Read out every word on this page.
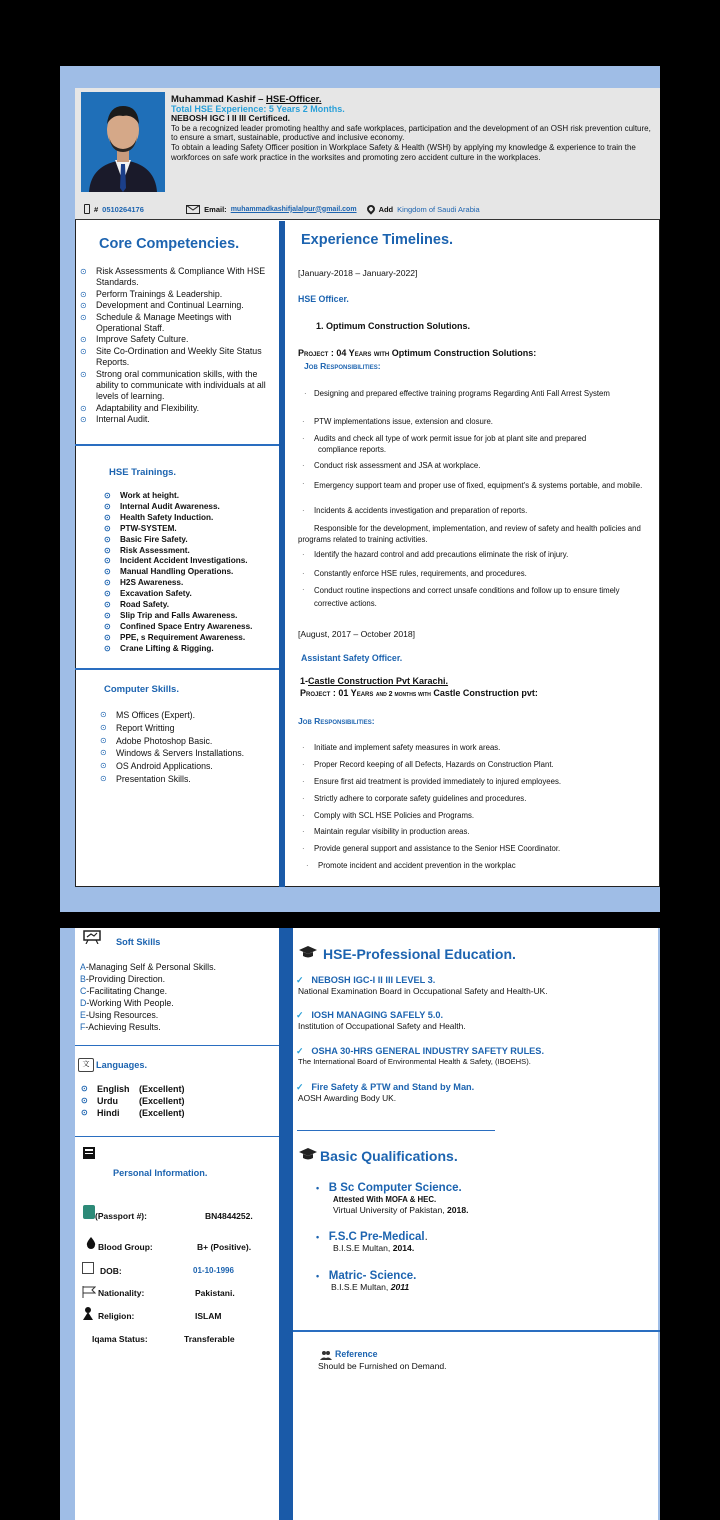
Muhammad Kashif – HSE-Officer.
Total HSE Experience: 5 Years 2 Months.
NEBOSH IGC I II III Certificed.
To be a recognized leader promoting healthy and safe workplaces, participation and the development of an OSH risk prevention culture, to ensure a smart, sustainable, productive and inclusive economy.
To obtain a leading Safety Officer position in Workplace Safety & Health (WSH) by applying my knowledge & experience to train the workforces on safe work practice in the worksites and promoting zero accident culture in the workplaces.
# 0510264176	Email: muhammadkashifjalalpur@gmail.com	Add Kingdom of Saudi Arabia
Core Competencies.
⊙ Risk Assessments & Compliance With HSE Standards.
⊙ Perform Trainings & Leadership.
⊙ Development and Continual Learning.
⊙ Schedule & Manage Meetings with Operational Staff.
⊙ Improve Safety Culture.
⊙ Site Co-Ordination and Weekly Site Status Reports.
⊙ Strong oral communication skills, with the ability to communicate with individuals at all levels of learning.
⊙ Adaptability and Flexibility.
⊙ Internal Audit.
HSE Trainings.
⊙ Work at height.
⊙ Internal Audit Awareness.
⊙ Health Safety Induction.
⊙ PTW-SYSTEM.
⊙ Basic Fire Safety.
⊙ Risk Assessment.
⊙ Incident Accident Investigations.
⊙ Manual Handling Operations.
⊙ H2S Awareness.
⊙ Excavation Safety.
⊙ Road Safety.
⊙ Slip Trip and Falls Awareness.
⊙ Confined Space Entry Awareness.
⊙ PPE, s Requirement Awareness.
⊙ Crane Lifting & Rigging.
Computer Skills.
⊙ MS Offices (Expert).
⊙ Report Writting
⊙ Adobe Photoshop Basic.
⊙ Windows & Servers Installations.
⊙ OS Android Applications.
⊙ Presentation Skills.
Experience Timelines.
[January-2018 – January-2022]
HSE Officer.
1. Optimum Construction Solutions.
Project : 04 Years with Optimum Construction Solutions:
Job Responsibilities:
Designing and prepared effective training programs Regarding Anti Fall Arrest System
PTW implementations issue, extension and closure.
Audits and check all type of work permit issue for job at plant site and prepared compliance reports.
Conduct risk assessment and JSA at workplace.
Emergency support team and proper use of fixed, equipment's & systems portable, and mobile.
Incidents & accidents investigation and preparation of reports.
Responsible for the development, implementation, and review of safety and health policies and programs related to training activities.
Identify the hazard control and add precautions eliminate the risk of injury.
Constantly enforce HSE rules, requirements, and procedures.
Conduct routine inspections and correct unsafe conditions and follow up to ensure timely corrective actions.
·
·
·
·
·
·
·
·
·
[August, 2017 – October 2018]
Assistant Safety Officer.
1-Castle Construction Pvt Karachi.
Project : 01 Years and 2 months with Castle Construction pvt:
Job Responsibilities:
Initiate and implement safety measures in work areas.
Proper Record keeping of all Defects, Hazards on Construction Plant.
Ensure first aid treatment is provided immediately to injured employees.
Strictly adhere to corporate safety guidelines and procedures.
Comply with SCL HSE Policies and Programs.
Maintain regular visibility in production areas.
Provide general support and assistance to the Senior HSE Coordinator.
Promote incident and accident prevention in the workplac
·
·
·
·
·
·
·
·
Soft Skills
A-Managing Self & Personal Skills.
B-Providing Direction.
C-Facilitating Change.
D-Working With People.
E-Using Resources.
F-Achieving Results.
文 Languages.
⊙ English (Excellent)
⊙ Urdu (Excellent)
⊙ Hindi (Excellent)
Personal Information.
(Passport #):	BN4844252.
Blood Group:	B+ (Positive).
DOB:	01-10-1996
Nationality:	Pakistani.
Religion:	ISLAM
Iqama Status:	Transferable
HSE-Professional Education.
✓ NEBOSH IGC-I II III LEVEL 3.
National Examination Board in Occupational Safety and Health-UK.
✓ IOSH MANAGING SAFELY 5.0.
Institution of Occupational Safety and Health.
✓ OSHA 30-HRS GENERAL INDUSTRY SAFETY RULES.
The International Board of Environmental Health & Safety, (IBOEHS).
✓ Fire Safety & PTW and Stand by Man.
AOSH Awarding Body UK.
Basic Qualifications.
• B Sc Computer Science.
Attested With MOFA & HEC.
Virtual University of Pakistan, 2018.
• F.S.C Pre-Medical.
B.I.S.E Multan, 2014.
• Matric- Science.
B.I.S.E Multan, 2011
Reference
Should be Furnished on Demand.
